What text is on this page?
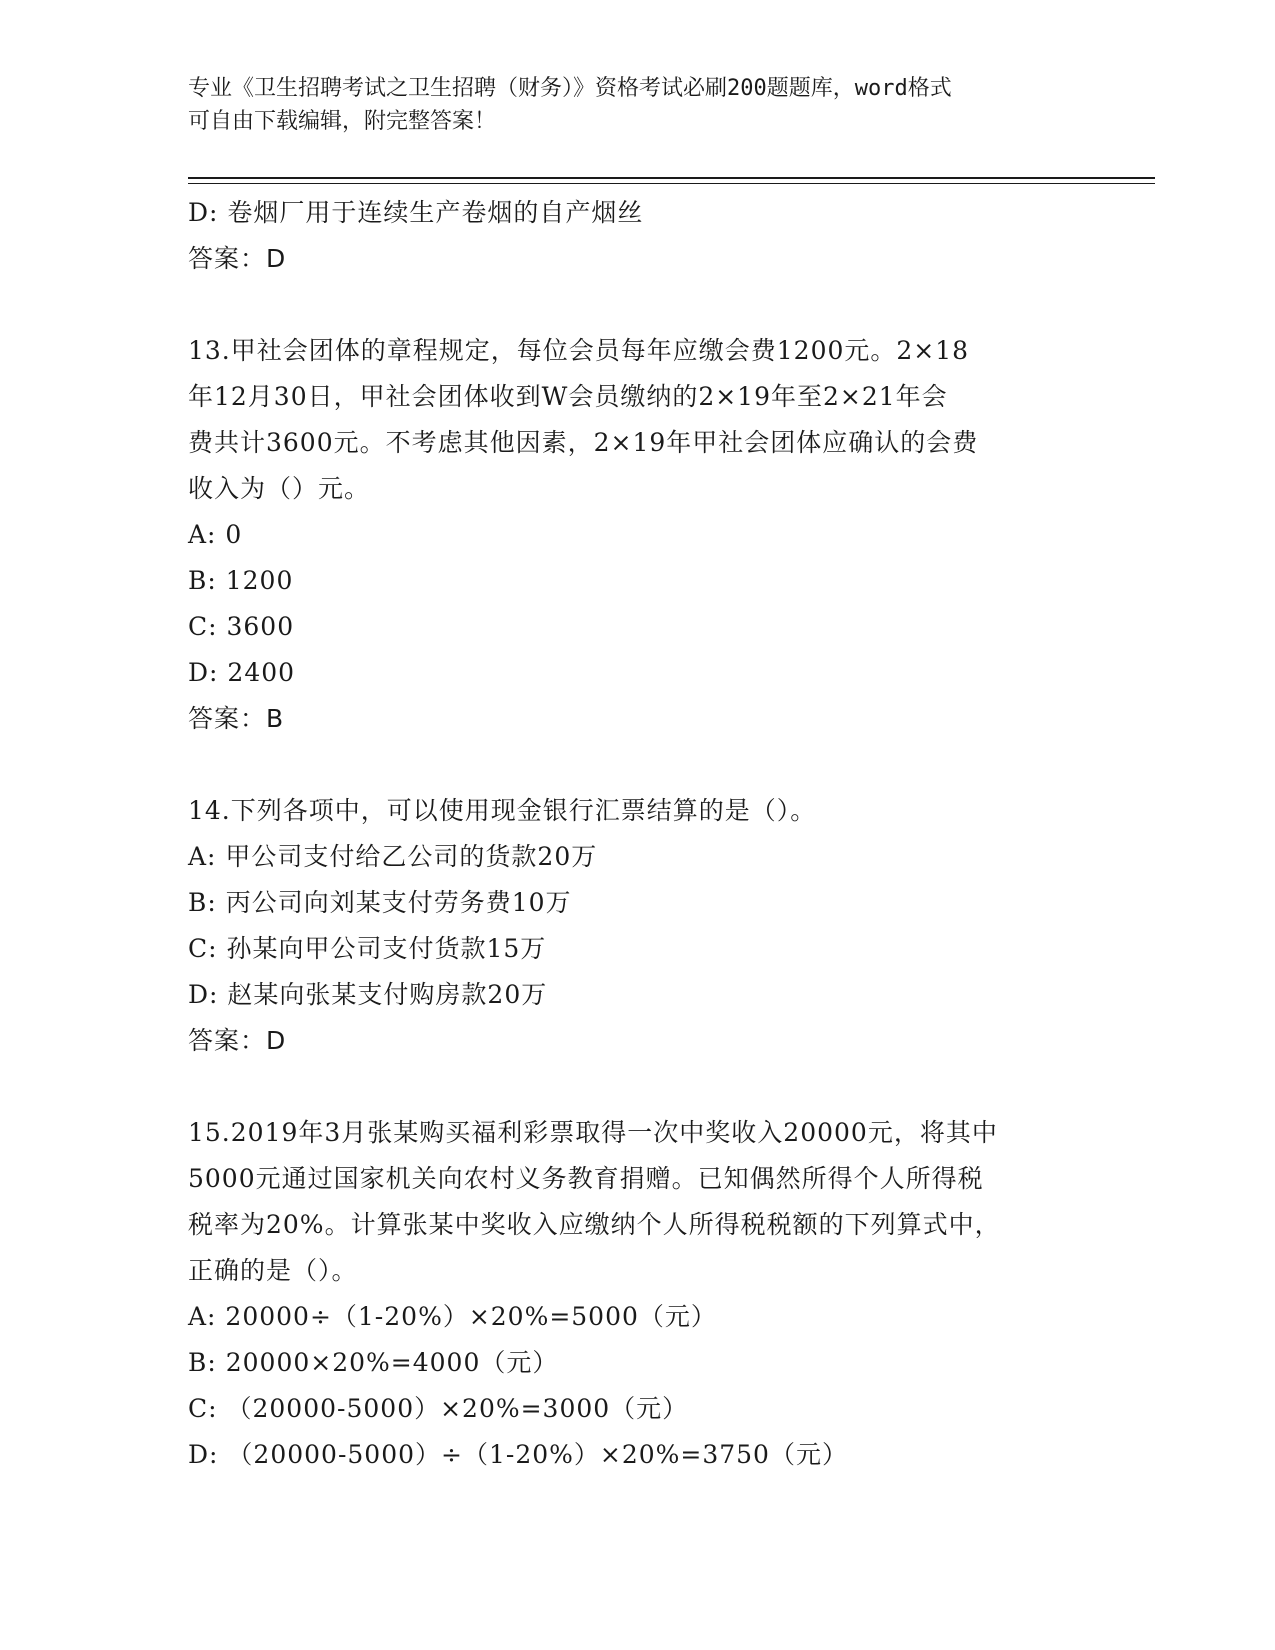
专业《卫生招聘考试之卫生招聘（财务）》资格考试必刷200题题库，word格式
可自由下载编辑，附完整答案！
D: 卷烟厂用于连续生产卷烟的自产烟丝
答案：D
13.甲社会团体的章程规定，每位会员每年应缴会费1200元。2×18
年12月30日，甲社会团体收到W会员缴纳的2×19年至2×21年会
费共计3600元。不考虑其他因素，2×19年甲社会团体应确认的会费
收入为（）元。
A: 0
B: 1200
C: 3600
D: 2400
答案：B
14.下列各项中，可以使用现金银行汇票结算的是（）。
A: 甲公司支付给乙公司的货款20万
B: 丙公司向刘某支付劳务费10万
C: 孙某向甲公司支付货款15万
D: 赵某向张某支付购房款20万
答案：D
15.2019年3月张某购买福利彩票取得一次中奖收入20000元，将其中
5000元通过国家机关向农村义务教育捐赠。已知偶然所得个人所得税
税率为20%。计算张某中奖收入应缴纳个人所得税税额的下列算式中，
正确的是（）。
A: 20000÷（1-20%）×20%=5000（元）
B: 20000×20%=4000（元）
C: （20000-5000）×20%=3000（元）
D: （20000-5000）÷（1-20%）×20%=3750（元）
